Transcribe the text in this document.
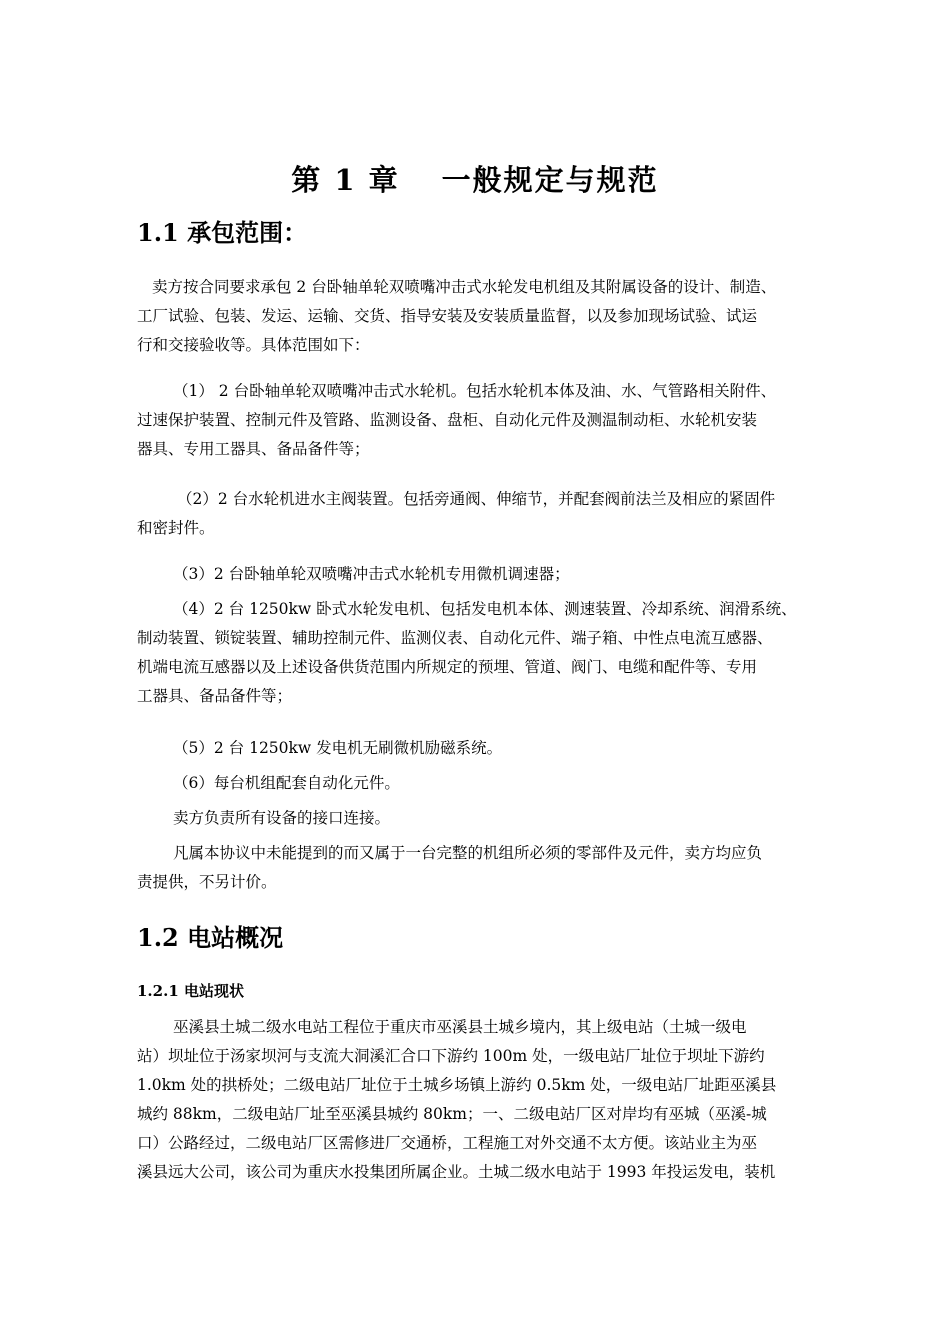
第 1 章 一般规定与规范
1.1 承包范围：
卖方按合同要求承包 2 台卧轴单轮双喷嘴冲击式水轮发电机组及其附属设备的设计、制造、
工厂试验、包装、发运、运输、交货、指导安装及安装质量监督，以及参加现场试验、试运
行和交接验收等。具体范围如下：
（1） 2 台卧轴单轮双喷嘴冲击式水轮机。包括水轮机本体及油、水、气管路相关附件、
过速保护装置、控制元件及管路、监测设备、盘柜、自动化元件及测温制动柜、水轮机安装
器具、专用工器具、备品备件等；
（2）2 台水轮机进水主阀装置。包括旁通阀、伸缩节，并配套阀前法兰及相应的紧固件
和密封件。
（3）2 台卧轴单轮双喷嘴冲击式水轮机专用微机调速器；
（4）2 台 1250kw 卧式水轮发电机、包括发电机本体、测速装置、冷却系统、润滑系统、
制动装置、锁锭装置、辅助控制元件、监测仪表、自动化元件、端子箱、中性点电流互感器、
机端电流互感器以及上述设备供货范围内所规定的预埋、管道、阀门、电缆和配件等、专用
工器具、备品备件等；
（5）2 台 1250kw 发电机无刷微机励磁系统。
（6）每台机组配套自动化元件。
卖方负责所有设备的接口连接。
凡属本协议中未能提到的而又属于一台完整的机组所必须的零部件及元件，卖方均应负
责提供，不另计价。
1.2 电站概况
1.2.1 电站现状
巫溪县土城二级水电站工程位于重庆市巫溪县土城乡境内，其上级电站（土城一级电
站）坝址位于汤家坝河与支流大洞溪汇合口下游约 100m 处，一级电站厂址位于坝址下游约
1.0km 处的拱桥处；二级电站厂址位于土城乡场镇上游约 0.5km 处，一级电站厂址距巫溪县
城约 88km，二级电站厂址至巫溪县城约 80km；一、二级电站厂区对岸均有巫城（巫溪-城
口）公路经过，二级电站厂区需修进厂交通桥，工程施工对外交通不太方便。该站业主为巫
溪县远大公司，该公司为重庆水投集团所属企业。土城二级水电站于 1993 年投运发电，装机
